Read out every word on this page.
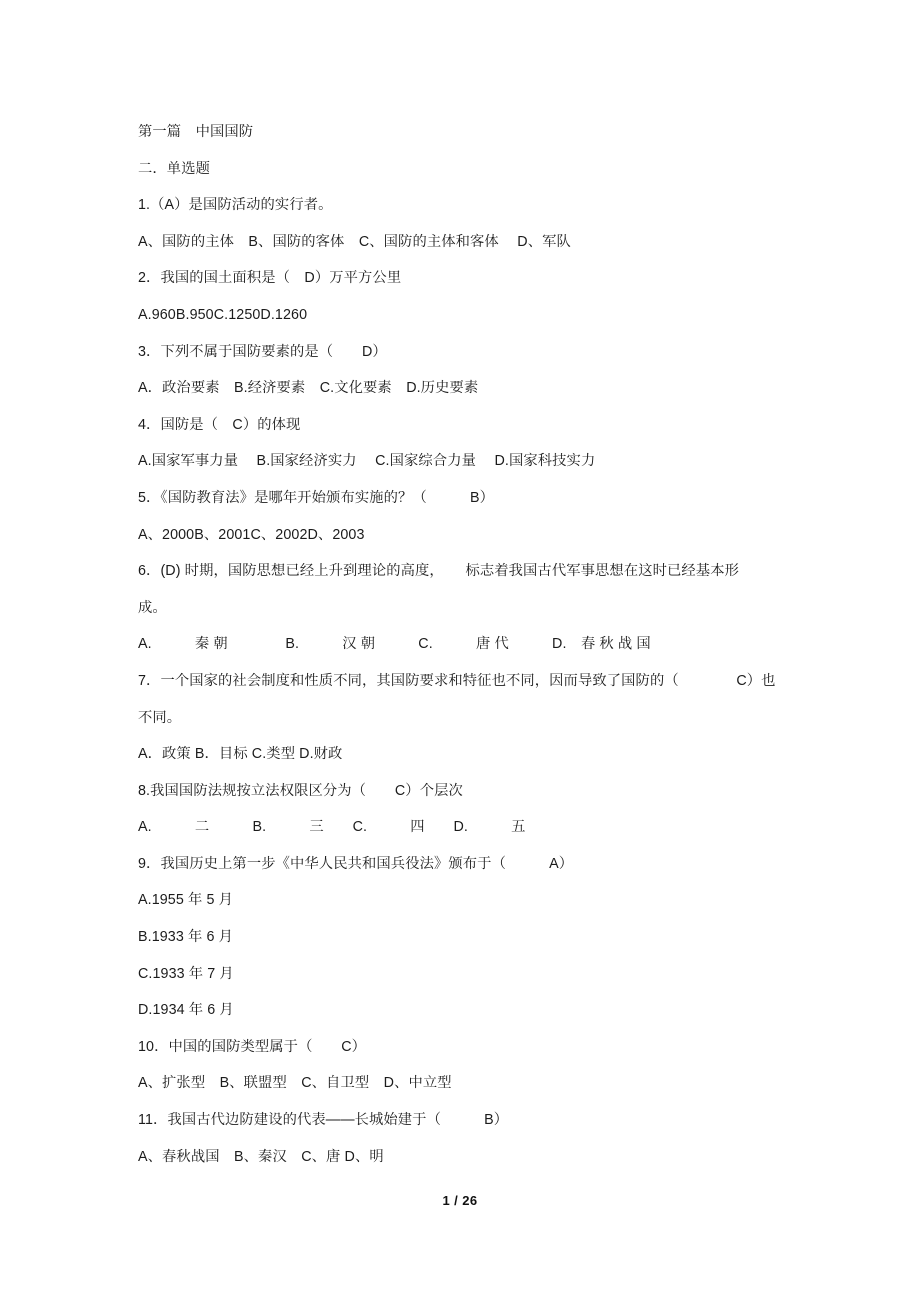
第一篇　中国国防
二．单选题
1.（A）是国防活动的实行者。
A、国防的主体　B、国防的客体　C、国防的主体和客体　 D、军队
2．我国的国土面积是（　D）万平方公里
A.960B.950C.1250D.1260
3．下列不属于国防要素的是（　　D）
A．政治要素　B.经济要素　C.文化要素　D.历史要素
4．国防是（　C）的体现
A.国家军事力量　 B.国家经济实力　 C.国家综合力量　 D.国家科技实力
5．《国防教育法》是哪年开始颁布实施的？（　　　B）
A、2000B、2001C、2002D、2003
6．(D) 时期，国防思想已经上升到理论的高度，　　标志着我国古代军事思想在这时已经基本形
成。
A.　　　秦 朝　　　　B.　　　汉 朝　　　C.　　　唐 代　　　D.　春 秋 战 国
7．一个国家的社会制度和性质不同，其国防要求和特征也不同，因而导致了国防的（　　　　C）也
不同。
A．政策 B．目标 C.类型 D.财政
8.我国国防法规按立法权限区分为（　　C）个层次
A.　　　二　　　B.　　　三　　C.　　　四　　D.　　　五
9．我国历史上第一步《中华人民共和国兵役法》颁布于（　　　A）
A.1955 年 5 月
B.1933 年 6 月
C.1933 年 7 月
D.1934 年 6 月
10．中国的国防类型属于（　　C）
A、扩张型　B、联盟型　C、自卫型　D、中立型
11．我国古代边防建设的代表——长城始建于（　　　B）
A、春秋战国　B、秦汉　C、唐 D、明
1 / 26
